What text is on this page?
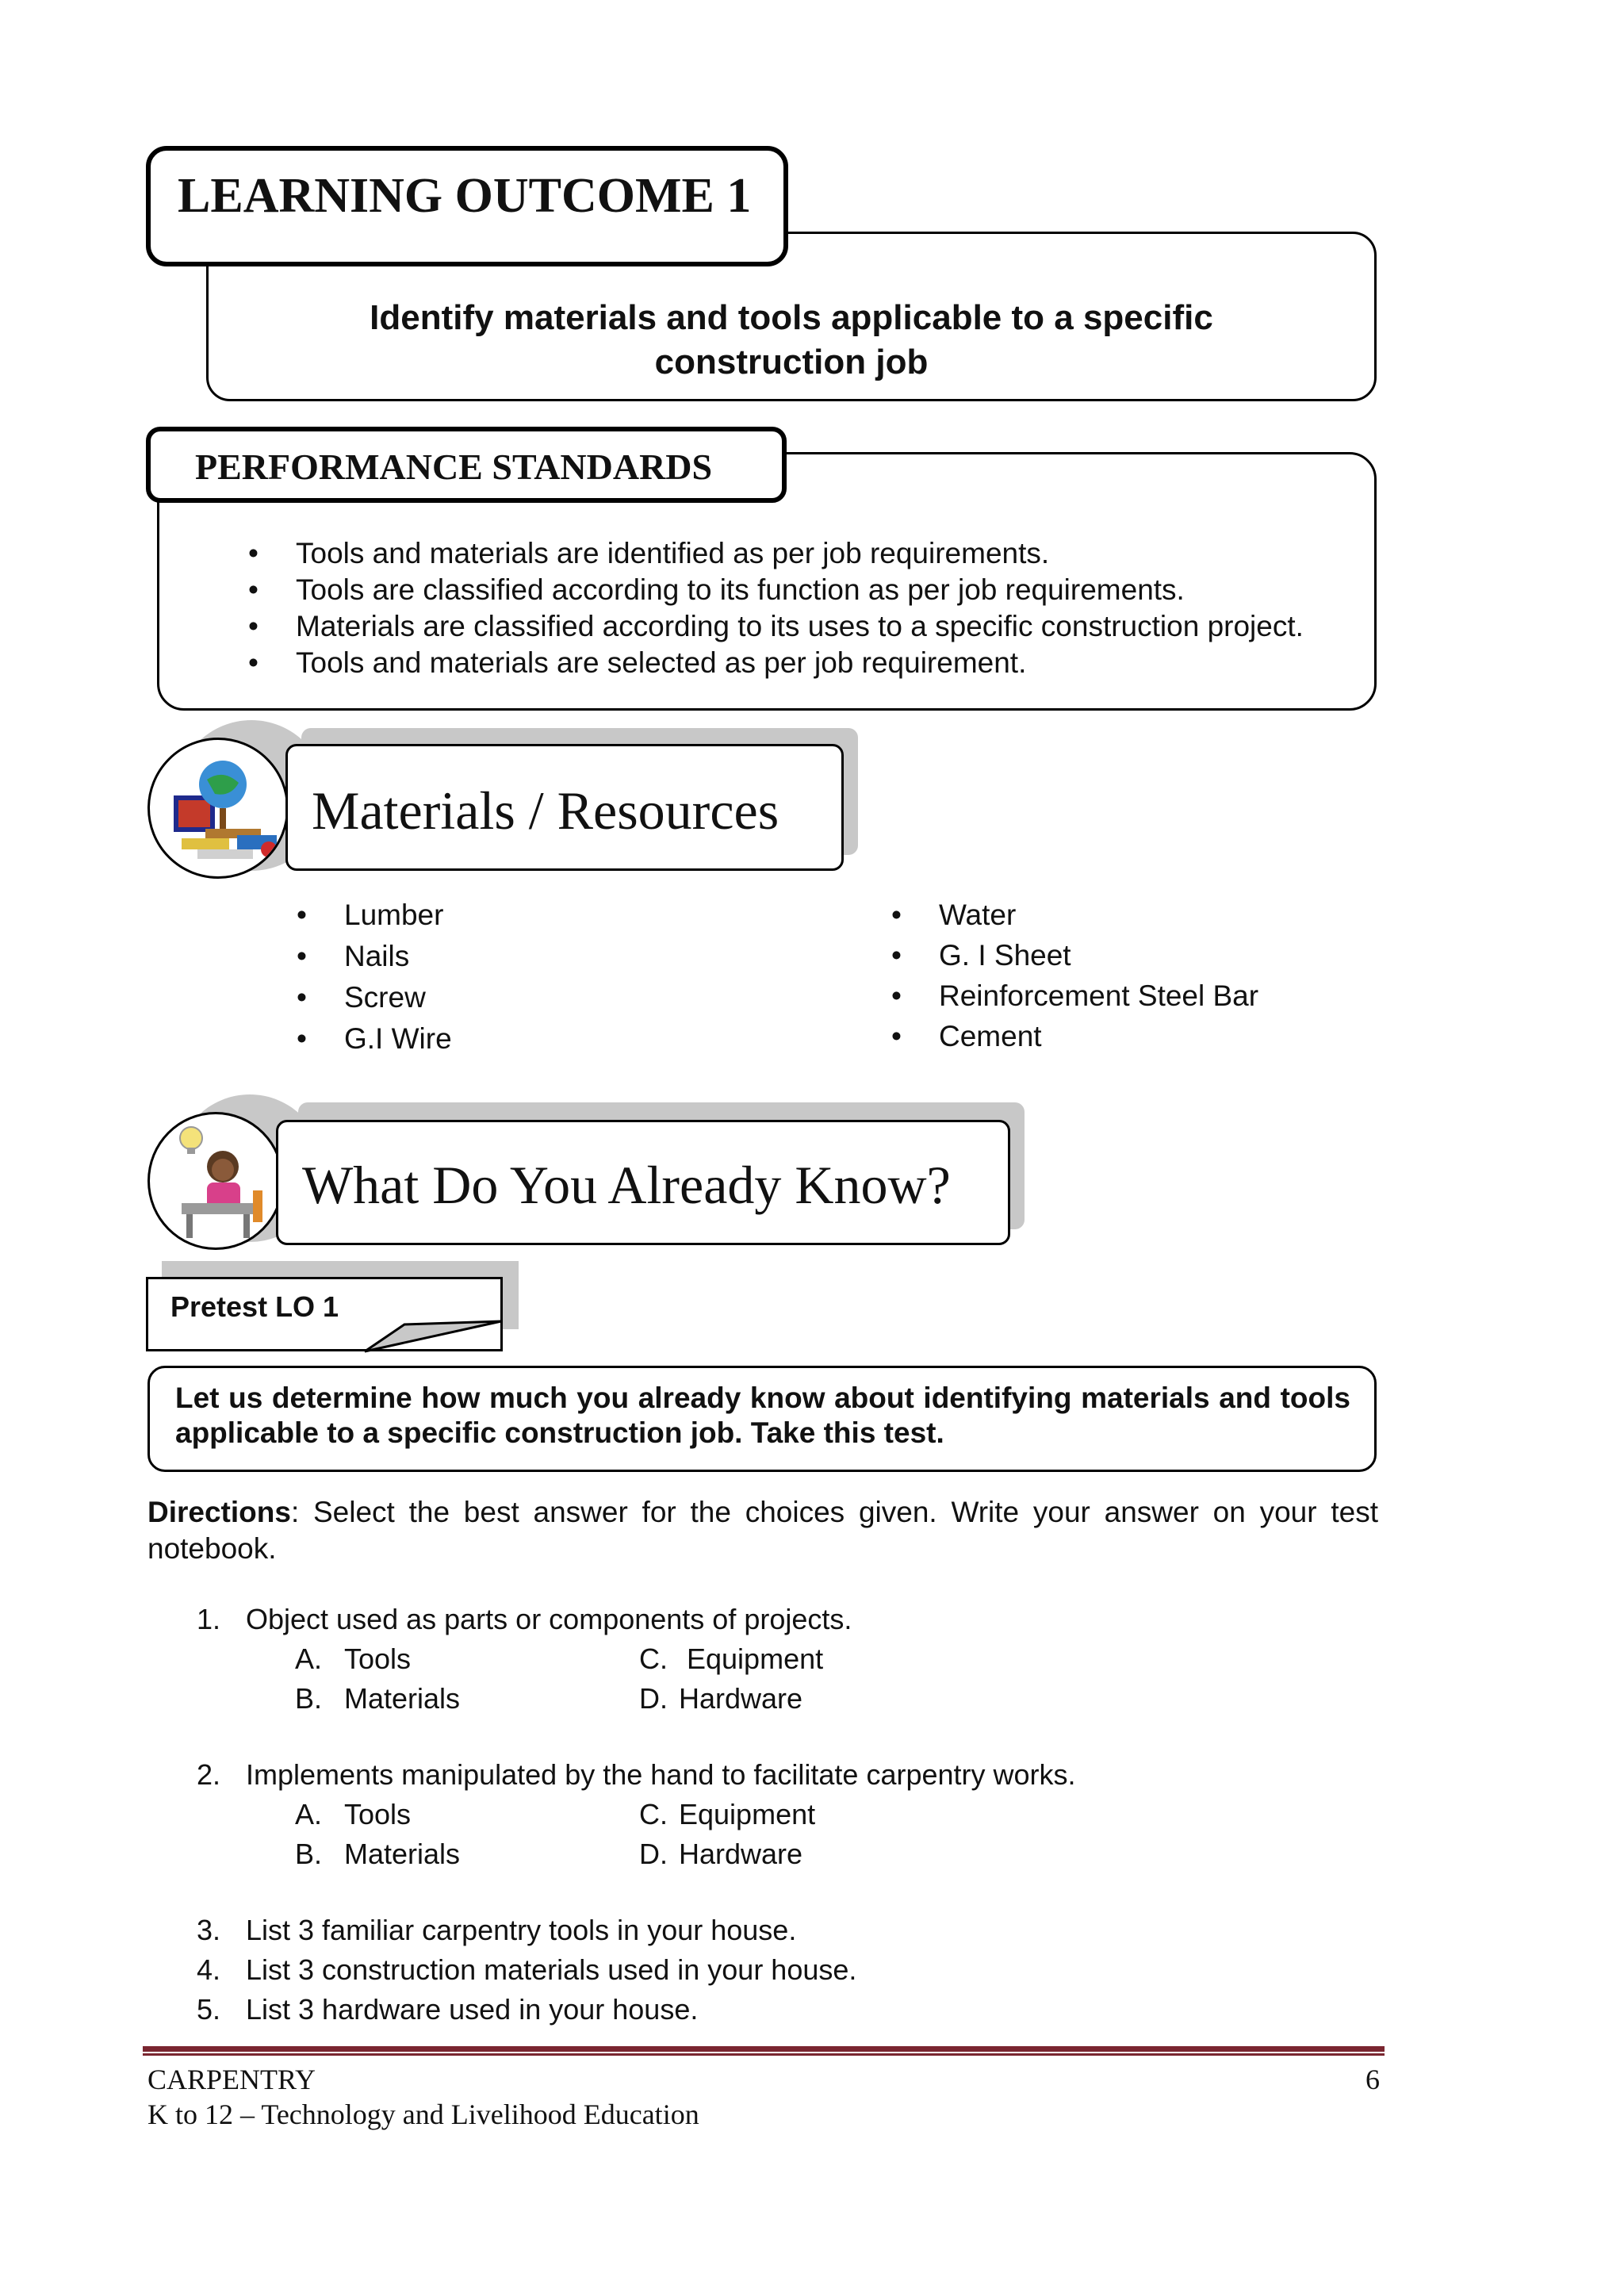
Identify materials and tools applicable to a specific construction job
LEARNING OUTCOME 1
• Tools and materials are identified as per job requirements.
• Tools are classified according to its function as per job requirements.
• Materials are classified according to its uses to a specific construction project.
• Tools and materials are selected as per job requirement.
PERFORMANCE STANDARDS
Materials / Resources
• Lumber
• Nails
• Screw
• G.I Wire
• Water
• G. I Sheet
• Reinforcement Steel Bar
• Cement
What Do You Already Know?
Pretest LO 1
Let us determine how much you already know about identifying materials and tools applicable to a specific construction job. Take this test.
Directions: Select the best answer for the choices given. Write your answer on your test notebook.
1. Object used as parts or components of projects.
A. Tools	C. Equipment
B. Materials	D. Hardware
2. Implements manipulated by the hand to facilitate carpentry works.
A. Tools	C. Equipment
B. Materials	D. Hardware
3. List 3 familiar carpentry tools in your house.
4. List 3 construction materials used in your house.
5. List 3 hardware used in your house.
CARPENTRY	6
K to 12 – Technology and Livelihood Education
